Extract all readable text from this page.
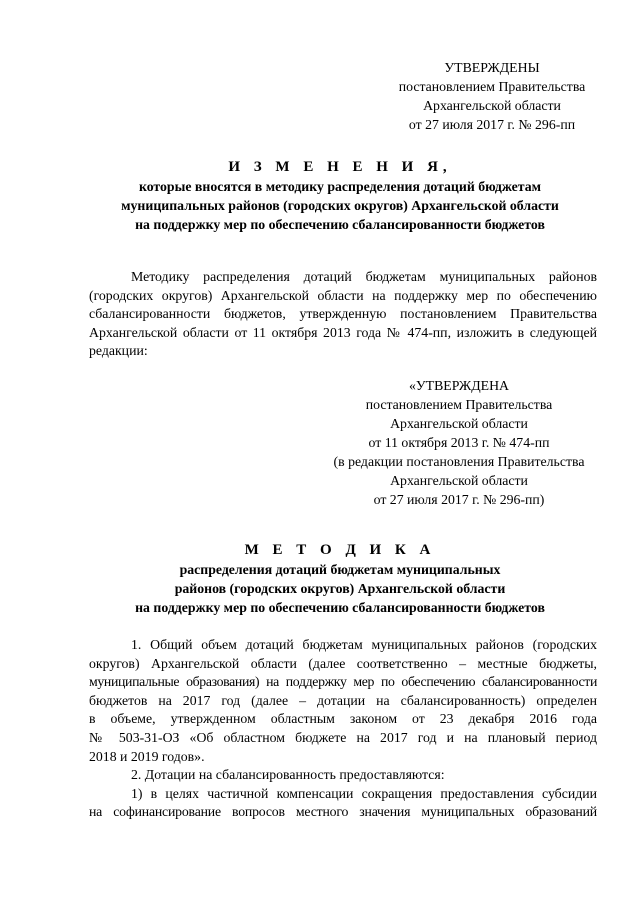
УТВЕРЖДЕНЫ
постановлением Правительства
Архангельской области
от 27 июля 2017 г. № 296-пп
И З М Е Н Е Н И Я,
которые вносятся в методику распределения дотаций бюджетам
муниципальных районов (городских округов) Архангельской области
на поддержку мер по обеспечению сбалансированности бюджетов
Методику распределения дотаций бюджетам муниципальных районов
(городских округов) Архангельской области на поддержку мер по обеспечению
сбалансированности бюджетов, утвержденную постановлением Правительства
Архангельской области от 11 октября 2013 года № 474-пп, изложить в следующей
редакции:
«УТВЕРЖДЕНА
постановлением Правительства
Архангельской области
от 11 октября 2013 г. № 474-пп
(в редакции постановления Правительства
Архангельской области
от 27 июля 2017 г. № 296-пп)
М Е Т О Д И К А
распределения дотаций бюджетам муниципальных
районов (городских округов) Архангельской области
на поддержку мер по обеспечению сбалансированности бюджетов
1. Общий объем дотаций бюджетам муниципальных районов (городских
округов) Архангельской области (далее соответственно – местные бюджеты,
муниципальные образования) на поддержку мер по обеспечению сбалансированности
бюджетов на 2017 год (далее – дотации на сбалансированность) определен
в объеме, утвержденном областным законом от 23 декабря 2016 года
№ 503-31-ОЗ «Об областном бюджете на 2017 год и на плановый период
2018 и 2019 годов».
2. Дотации на сбалансированность предоставляются:
1) в целях частичной компенсации сокращения предоставления субсидии
на софинансирование вопросов местного значения муниципальных образований
